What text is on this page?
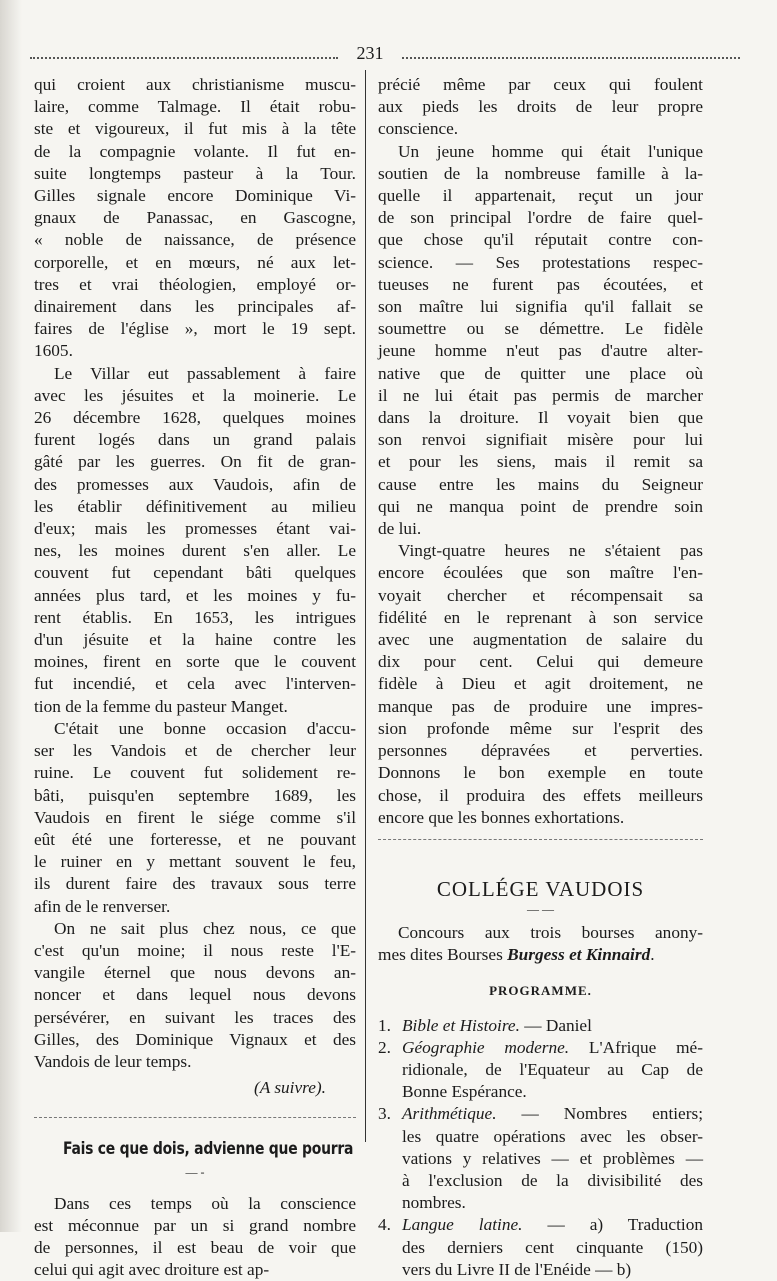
231

qui croient aux christianisme muscu-
laire, comme Talmage. Il était robu-
ste et vigoureux, il fut mis à la tête
de la compagnie volante. Il fut en-
suite longtemps pasteur à la Tour.
Gilles signale encore Dominique Vi-
gnaux de Panassac, en Gascogne,
« noble de naissance, de présence
corporelle, et en mœurs, né aux let-
tres et vrai théologien, employé or-
dinairement dans les principales af-
faires de l'église », mort le 19 sept.
1605.

Le Villar eut passablement à faire
avec les jésuites et la moinerie. Le
26 décembre 1628, quelques moines
furent logés dans un grand palais
gâté par les guerres. On fit de gran-
des promesses aux Vaudois, afin de
les établir définitivement au milieu
d'eux; mais les promesses étant vai-
nes, les moines durent s'en aller. Le
couvent fut cependant bâti quelques
années plus tard, et les moines y fu-
rent établis. En 1653, les intrigues
d'un jésuite et la haine contre les
moines, firent en sorte que le couvent
fut incendié, et cela avec l'interven-
tion de la femme du pasteur Manget.

C'était une bonne occasion d'accu-
ser les Vandois et de chercher leur
ruine. Le couvent fut solidement re-
bâti, puisqu'en septembre 1689, les
Vaudois en firent le siége comme s'il
eût été une forteresse, et ne pouvant
le ruiner en y mettant souvent le feu,
ils durent faire des travaux sous terre
afin de le renverser.

On ne sait plus chez nous, ce que
c'est qu'un moine; il nous reste l'E-
vangile éternel que nous devons an-
noncer et dans lequel nous devons
persévérer, en suivant les traces des
Gilles, des Dominique Vignaux et des
Vandois de leur temps.

(A suivre).
Fais ce que dois, advienne que pourra
— -

Dans ces temps où la conscience
est méconnue par un si grand nombre
de personnes, il est beau de voir que
celui qui agit avec droiture est ap-

précié même par ceux qui foulent
aux pieds les droits de leur propre
conscience.

Un jeune homme qui était l'unique
soutien de la nombreuse famille à la-
quelle il appartenait, reçut un jour
de son principal l'ordre de faire quel-
que chose qu'il réputait contre con-
science. — Ses protestations respec-
tueuses ne furent pas écoutées, et
son maître lui signifia qu'il fallait se
soumettre ou se démettre. Le fidèle
jeune homme n'eut pas d'autre alter-
native que de quitter une place où
il ne lui était pas permis de marcher
dans la droiture. Il voyait bien que
son renvoi signifiait misère pour lui
et pour les siens, mais il remit sa
cause entre les mains du Seigneur
qui ne manqua point de prendre soin
de lui.

Vingt-quatre heures ne s'étaient pas
encore écoulées que son maître l'en-
voyait chercher et récompensait sa
fidélité en le reprenant à son service
avec une augmentation de salaire du
dix pour cent. Celui qui demeure
fidèle à Dieu et agit droitement, ne
manque pas de produire une impres-
sion profonde même sur l'esprit des
personnes dépravées et perverties.
Donnons le bon exemple en toute
chose, il produira des effets meilleurs
encore que les bonnes exhortations.

COLLÉGE VAUDOIS
— —
Concours aux trois bourses anony-
mes dites Bourses Burgess et Kinnaird.
PROGRAMME.
1. Bible et Histoire. — Daniel
2. Géographie moderne. L'Afrique mé-
ridionale, de l'Equateur au Cap de
Bonne Espérance.
3. Arithmétique. — Nombres entiers;
les quatre opérations avec les obser-
vations y relatives — et problèmes —
à l'exclusion de la divisibilité des
nombres.
4. Langue latine. — a) Traduction
des derniers cent cinquante (150)
vers du Livre II de l'Enéide — b)
